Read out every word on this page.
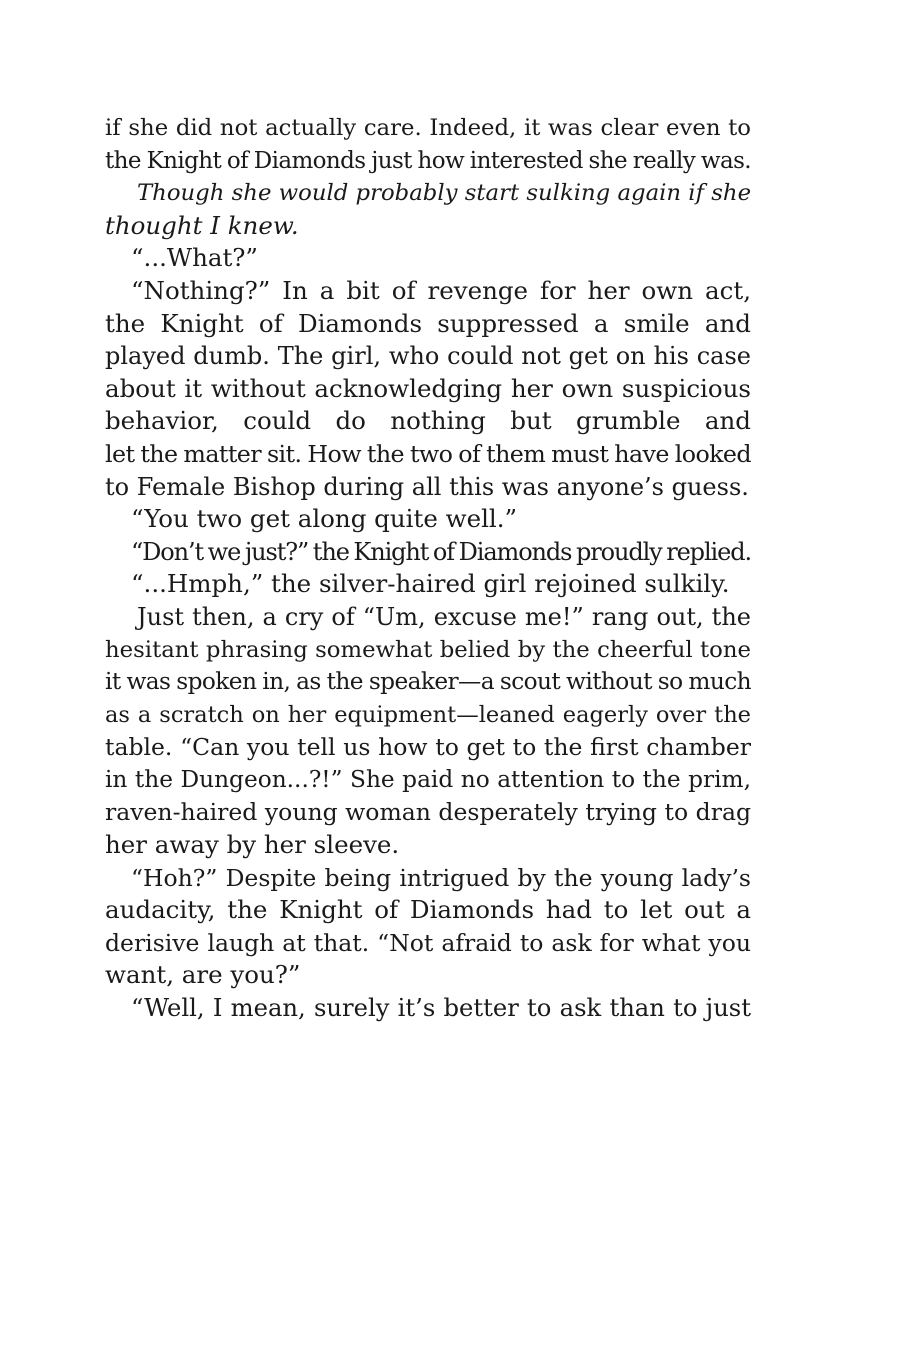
if she did not actually care. Indeed, it was clear even to
the Knight of Diamonds just how interested she really was.
Though she would probably start sulking again if she
thought I knew.
“...What?”
“Nothing?” In a bit of revenge for her own act,
the Knight of Diamonds suppressed a smile and
played dumb. The girl, who could not get on his case
about it without acknowledging her own suspicious
behavior, could do nothing but grumble and
let the matter sit. How the two of them must have looked
to Female Bishop during all this was anyone’s guess.
“You two get along quite well.”
“Don’t we just?” the Knight of Diamonds proudly replied.
“...Hmph,” the silver-haired girl rejoined sulkily.
Just then, a cry of “Um, excuse me!” rang out, the
hesitant phrasing somewhat belied by the cheerful tone
it was spoken in, as the speaker—a scout without so much
as a scratch on her equipment—leaned eagerly over the
table. “Can you tell us how to get to the first chamber
in the Dungeon...?!” She paid no attention to the prim,
raven-haired young woman desperately trying to drag
her away by her sleeve.
“Hoh?” Despite being intrigued by the young lady’s
audacity, the Knight of Diamonds had to let out a
derisive laugh at that. “Not afraid to ask for what you
want, are you?”
“Well, I mean, surely it’s better to ask than to just
